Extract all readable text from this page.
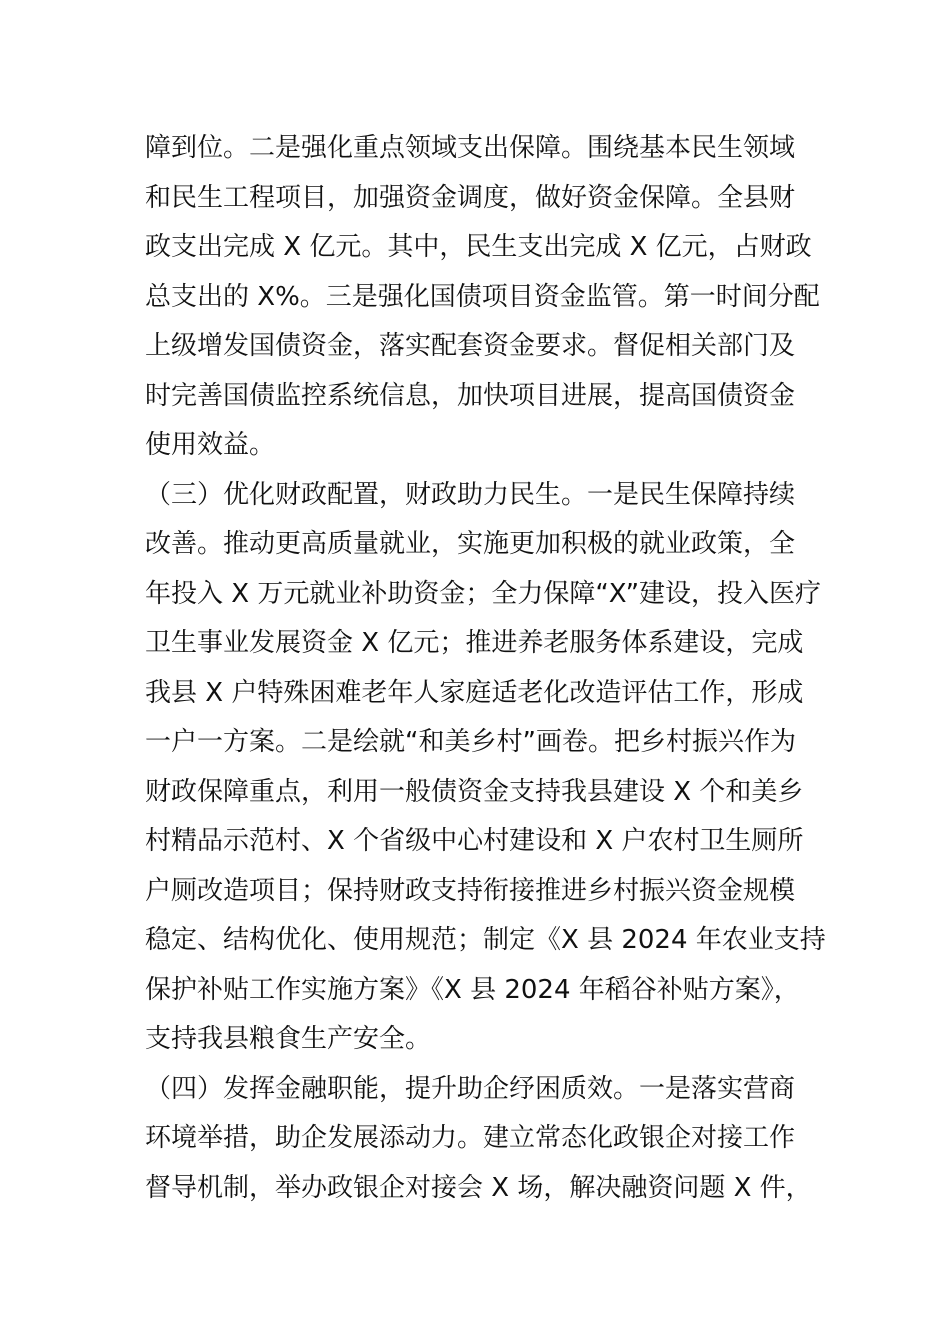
障到位。二是强化重点领域支出保障。围绕基本民生领域
和民生工程项目，加强资金调度，做好资金保障。全县财
政支出完成 X 亿元。其中，民生支出完成 X 亿元，占财政
总支出的 X%。三是强化国债项目资金监管。第一时间分配
上级增发国债资金，落实配套资金要求。督促相关部门及
时完善国债监控系统信息，加快项目进展，提高国债资金
使用效益。
（三）优化财政配置，财政助力民生。一是民生保障持续
改善。推动更高质量就业，实施更加积极的就业政策，全
年投入 X 万元就业补助资金；全力保障“X”建设，投入医疗
卫生事业发展资金 X 亿元；推进养老服务体系建设，完成
我县 X 户特殊困难老年人家庭适老化改造评估工作，形成
一户一方案。二是绘就“和美乡村”画卷。把乡村振兴作为
财政保障重点，利用一般债资金支持我县建设 X 个和美乡
村精品示范村、X 个省级中心村建设和 X 户农村卫生厕所
户厕改造项目；保持财政支持衔接推进乡村振兴资金规模
稳定、结构优化、使用规范；制定《X 县 2024 年农业支持
保护补贴工作实施方案》《X 县 2024 年稻谷补贴方案》，
支持我县粮食生产安全。
（四）发挥金融职能，提升助企纾困质效。一是落实营商
环境举措，助企发展添动力。建立常态化政银企对接工作
督导机制，举办政银企对接会 X 场，解决融资问题 X 件，
